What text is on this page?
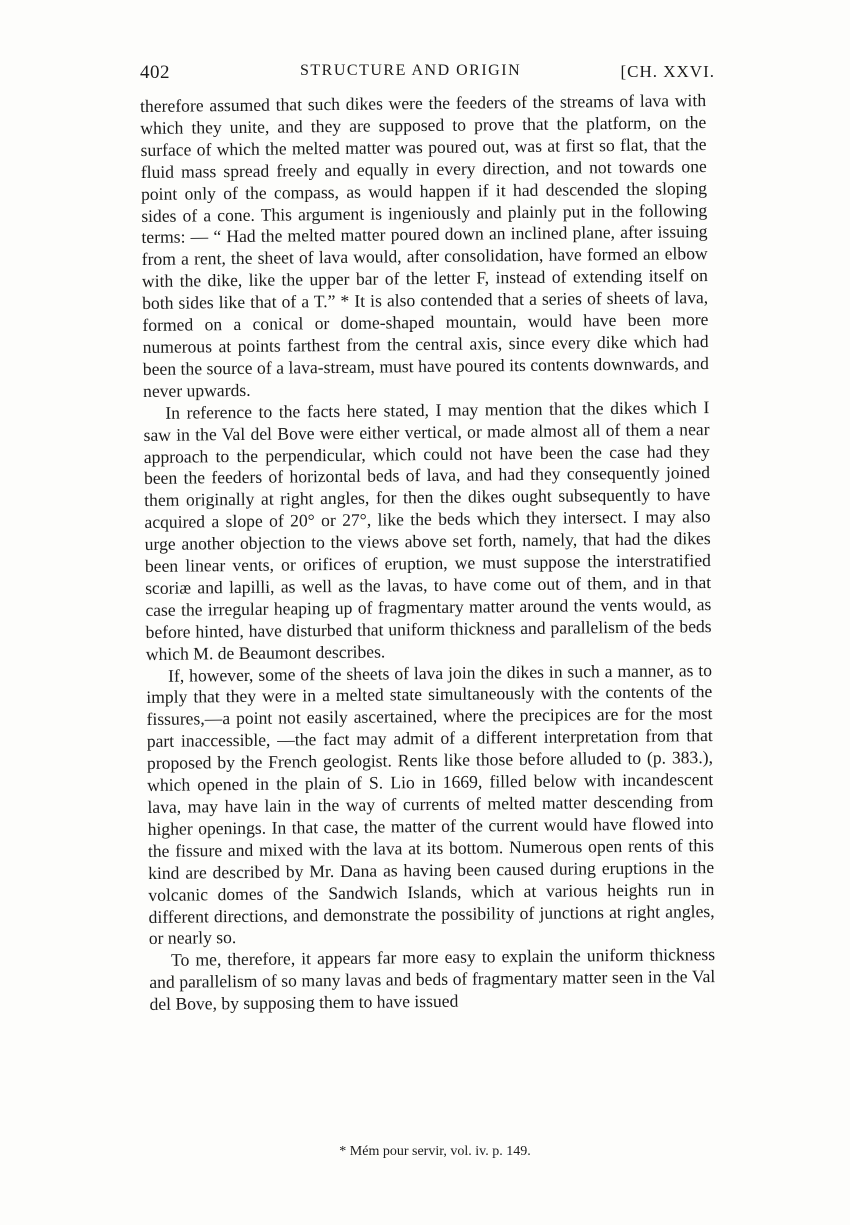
402	STRUCTURE AND ORIGIN	[CH. XXVI.

therefore assumed that such dikes were the feeders of the streams of lava with which they unite, and they are supposed to prove that the platform, on the surface of which the melted matter was poured out, was at first so flat, that the fluid mass spread freely and equally in every direction, and not towards one point only of the compass, as would happen if it had descended the sloping sides of a cone. This argument is ingeniously and plainly put in the following terms: — “ Had the melted matter poured down an inclined plane, after issuing from a rent, the sheet of lava would, after consolidation, have formed an elbow with the dike, like the upper bar of the letter F, instead of extending itself on both sides like that of a T.” * It is also contended that a series of sheets of lava, formed on a conical or dome-shaped mountain, would have been more numerous at points farthest from the central axis, since every dike which had been the source of a lava-stream, must have poured its contents downwards, and never upwards.

In reference to the facts here stated, I may mention that the dikes which I saw in the Val del Bove were either vertical, or made almost all of them a near approach to the perpendicular, which could not have been the case had they been the feeders of horizontal beds of lava, and had they consequently joined them originally at right angles, for then the dikes ought subsequently to have acquired a slope of 20° or 27°, like the beds which they intersect. I may also urge another objection to the views above set forth, namely, that had the dikes been linear vents, or orifices of eruption, we must suppose the interstratified scoriæ and lapilli, as well as the lavas, to have come out of them, and in that case the irregular heaping up of fragmentary matter around the vents would, as before hinted, have disturbed that uniform thickness and parallelism of the beds which M. de Beaumont describes.

If, however, some of the sheets of lava join the dikes in such a manner, as to imply that they were in a melted state simultaneously with the contents of the fissures,—a point not easily ascertained, where the precipices are for the most part inaccessible, —the fact may admit of a different interpretation from that proposed by the French geologist. Rents like those before alluded to (p. 383.), which opened in the plain of S. Lio in 1669, filled below with incandescent lava, may have lain in the way of currents of melted matter descending from higher openings. In that case, the matter of the current would have flowed into the fissure and mixed with the lava at its bottom. Numerous open rents of this kind are described by Mr. Dana as having been caused during eruptions in the volcanic domes of the Sandwich Islands, which at various heights run in different directions, and demonstrate the possibility of junctions at right angles, or nearly so.

To me, therefore, it appears far more easy to explain the uniform thickness and parallelism of so many lavas and beds of fragmentary matter seen in the Val del Bove, by supposing them to have issued

* Mém pour servir, vol. iv. p. 149.
